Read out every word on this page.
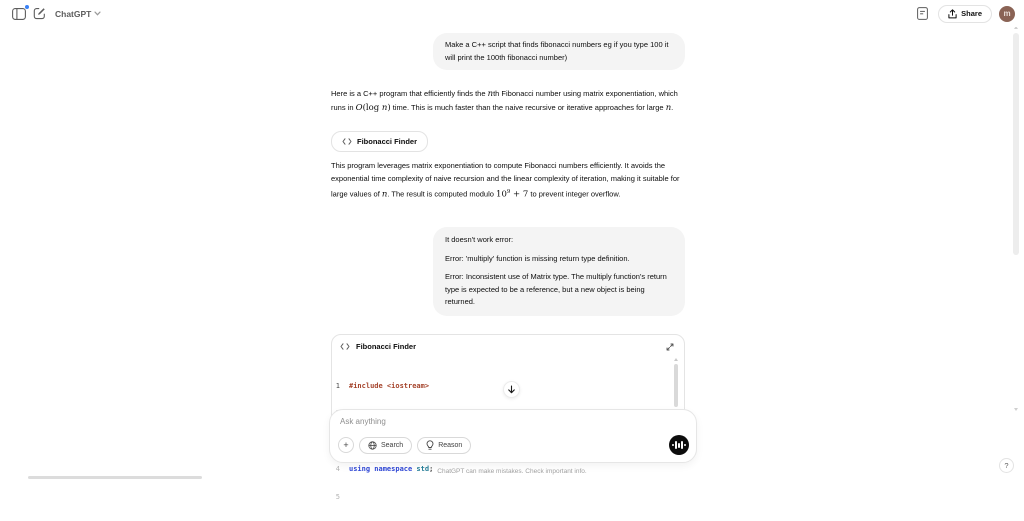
ChatGPT	Share	m

Make a C++ script that finds fibonacci numbers eg if you type 100 it will print the 100th fibonacci number)

Here is a C++ program that efficiently finds the nth Fibonacci number using matrix exponentiation, which runs in O(log n) time. This is much faster than the naive recursive or iterative approaches for large n.
Fibonacci Finder
This program leverages matrix exponentiation to compute Fibonacci numbers efficiently. It avoids the exponential time complexity of naive recursion and the linear complexity of iteration, making it suitable for large values of n. The result is computed modulo $10^9 + 7$ to prevent integer overflow.

It doesn't work error:

Error: 'multiply' function is missing return type definition.

Error: Inconsistent use of Matrix type. The multiply function's return type is expected to be a reference, but a new object is being returned.

Fibonacci Finder

1	#include <iostream>

4	using namespace std ;

5

Ask anything
+	Search	Reason
ChatGPT can make mistakes. Check important info.
?
